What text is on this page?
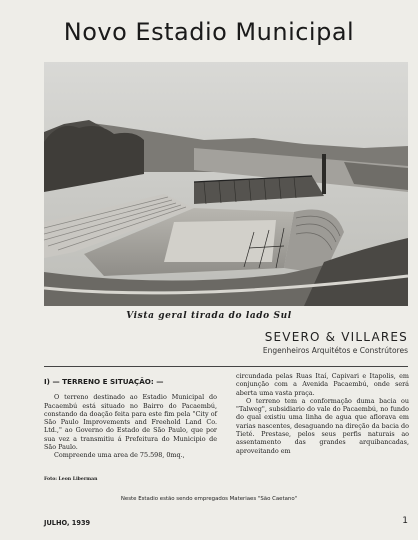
Novo Estadio Municipal
Vista geral tirada do lado Sul
SEVERO & VILLARES
Engenheiros Arquitétos e Constrútores
I) — TERRENO E SITUAÇÃO: —

O terreno destinado ao Estadio Municipal do Pacaembú está situado no Bairro do Pacaembú, constando da doação feita para este fim pela "City of São Paulo Improvements and Freehold Land Co. Ltd.," ao Governo do Estado de São Paulo, que por sua vez a transmitiu á Prefeitura do Municipio de São Paulo.

Compreende uma area de 75.598, 0mq.,

circundada pelas Ruas Itaí, Capivari e Itapolis, em conjunção com a Avenida Pacaembú, onde será aberta uma vasta praça.

O terreno tem a conformação duma bacia ou "Talweg", subsidiario do vale do Pacaembú, no fundo do qual existiu uma linha de agua que aflorava em varias nascentes, desaguando na direção da bacia do Tieté. Prestase, pelos seus perfis naturais ao assentamento das grandes arquibancadas, aproveitando em

Foto: Leon Liberman
Neste Estadio estão sendo empregados Materiaes "São Caetano"
JULHO, 1939	1
